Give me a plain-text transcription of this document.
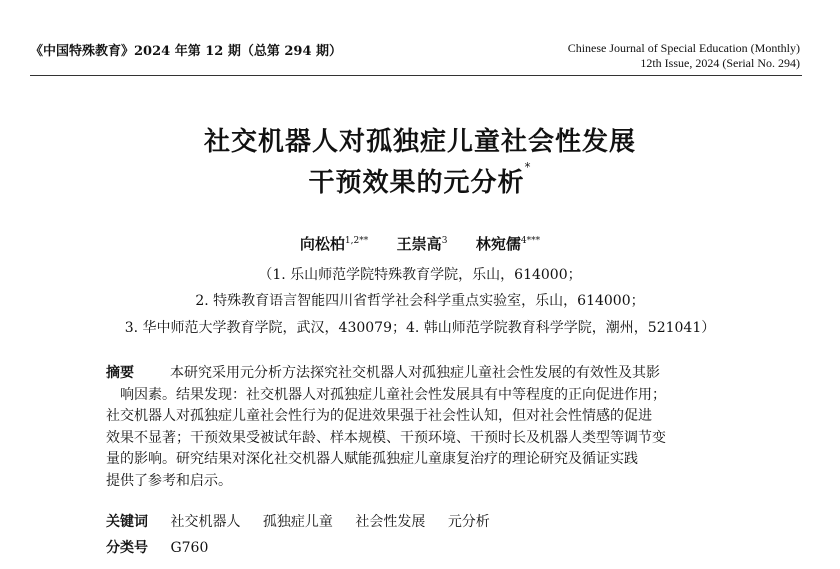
《中国特殊教育》2024 年第 12 期（总第 294 期）	Chinese Journal of Special Education (Monthly)
12th Issue, 2024 (Serial No. 294)
社交机器人对孤独症儿童社会性发展
干预效果的元分析*
向松柏$^{1,2**}$ 王崇高$^3$ 林宛儒$^{4***}$
（1. 乐山师范学院特殊教育学院，乐山，614000；
2. 特殊教育语言智能四川省哲学社会科学重点实验室，乐山，614000；
3. 华中师范大学教育学院，武汉，430079；4. 韩山师范学院教育科学学院，潮州，521041）
摘要	本研究采用元分析方法探究社交机器人对孤独症儿童社会性发展的有效性及其影
响因素。结果发现：社交机器人对孤独症儿童社会性发展具有中等程度的正向促进作用；
社交机器人对孤独症儿童社会性行为的促进效果强于社会性认知，但对社会性情感的促进
效果不显著；干预效果受被试年龄、样本规模、干预环境、干预时长及机器人类型等调节变
量的影响。研究结果对深化社交机器人赋能孤独症儿童康复治疗的理论研究及循证实践
提供了参考和启示。
关键词 社交机器人 孤独症儿童 社会性发展 元分析
分类号 G760
